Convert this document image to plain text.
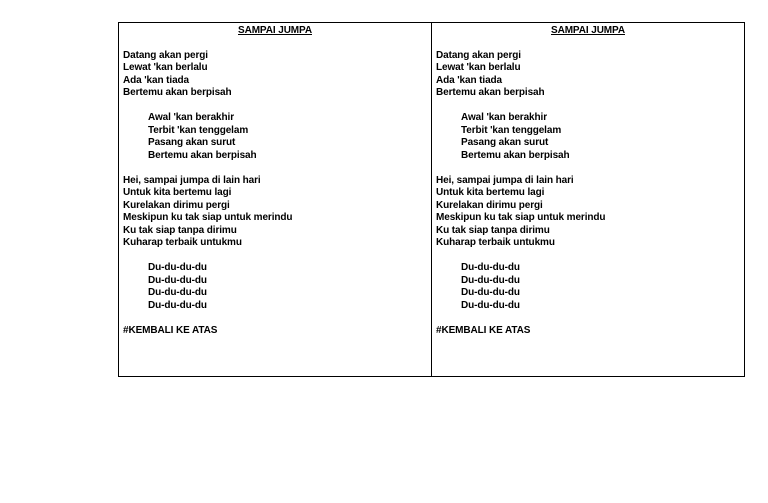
SAMPAI JUMPA
Datang akan pergi
Lewat 'kan berlalu
Ada 'kan tiada
Bertemu akan berpisah
Awal 'kan berakhir
Terbit 'kan tenggelam
Pasang akan surut
Bertemu akan berpisah
Hei, sampai jumpa di lain hari
Untuk kita bertemu lagi
Kurelakan dirimu pergi
Meskipun ku tak siap untuk merindu
Ku tak siap tanpa dirimu
Kuharap terbaik untukmu
Du-du-du-du
Du-du-du-du
Du-du-du-du
Du-du-du-du
#KEMBALI KE ATAS
SAMPAI JUMPA
Datang akan pergi
Lewat 'kan berlalu
Ada 'kan tiada
Bertemu akan berpisah
Awal 'kan berakhir
Terbit 'kan tenggelam
Pasang akan surut
Bertemu akan berpisah
Hei, sampai jumpa di lain hari
Untuk kita bertemu lagi
Kurelakan dirimu pergi
Meskipun ku tak siap untuk merindu
Ku tak siap tanpa dirimu
Kuharap terbaik untukmu
Du-du-du-du
Du-du-du-du
Du-du-du-du
Du-du-du-du
#KEMBALI KE ATAS
